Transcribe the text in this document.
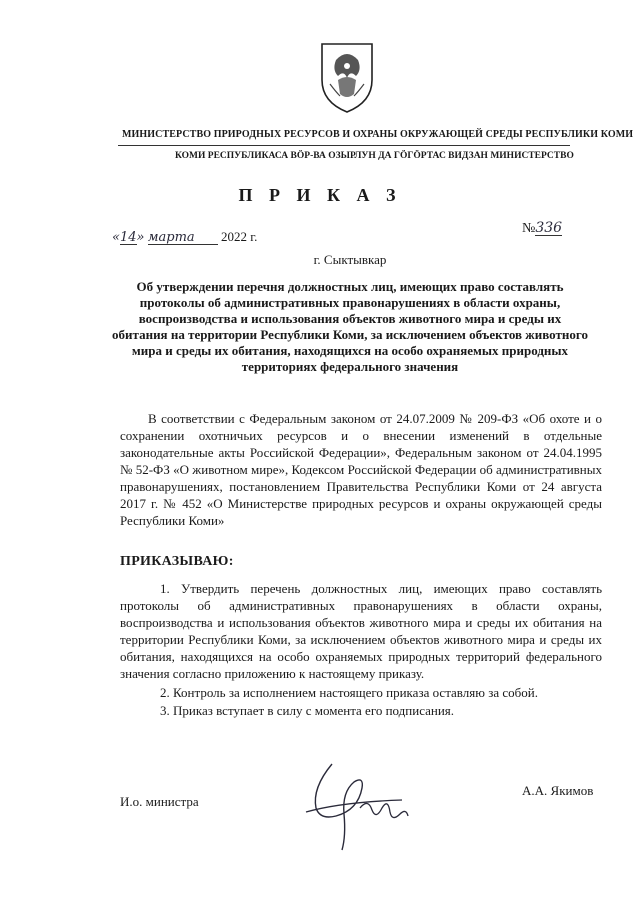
МИНИСТЕРСТВО ПРИРОДНЫХ РЕСУРСОВ И ОХРАНЫ ОКРУЖАЮЩЕЙ СРЕДЫ РЕСПУБЛИКИ КОМИ
КОМИ РЕСПУБЛИКАСА ВӦР-ВА ОЗЫРЛУН ДА ГӦГӦРТАС ВИДЗАН МИНИСТЕРСТВО
П Р И К А З
«14» марта 2022 г.
№336
г. Сыктывкар
Об утверждении перечня должностных лиц, имеющих право составлять протоколы об административных правонарушениях в области охраны, воспроизводства и использования объектов животного мира и среды их обитания на территории Республики Коми, за исключением объектов животного мира и среды их обитания, находящихся на особо охраняемых природных территориях федерального значения
В соответствии с Федеральным законом от 24.07.2009 № 209-ФЗ «Об охоте и о сохранении охотничьих ресурсов и о внесении изменений в отдельные законодательные акты Российской Федерации», Федеральным законом от 24.04.1995 № 52-ФЗ «О животном мире», Кодексом Российской Федерации об административных правонарушениях, постановлением Правительства Республики Коми от 24 августа 2017 г. № 452 «О Министерстве природных ресурсов и охраны окружающей среды Республики Коми»
ПРИКАЗЫВАЮ:
1. Утвердить перечень должностных лиц, имеющих право составлять протоколы об административных правонарушениях в области охраны, воспроизводства и использования объектов животного мира и среды их обитания на территории Республики Коми, за исключением объектов животного мира и среды их обитания, находящихся на особо охраняемых природных территорий федерального значения согласно приложению к настоящему приказу.
2. Контроль за исполнением настоящего приказа оставляю за собой.
3. Приказ вступает в силу с момента его подписания.
И.о. министра
А.А. Якимов
